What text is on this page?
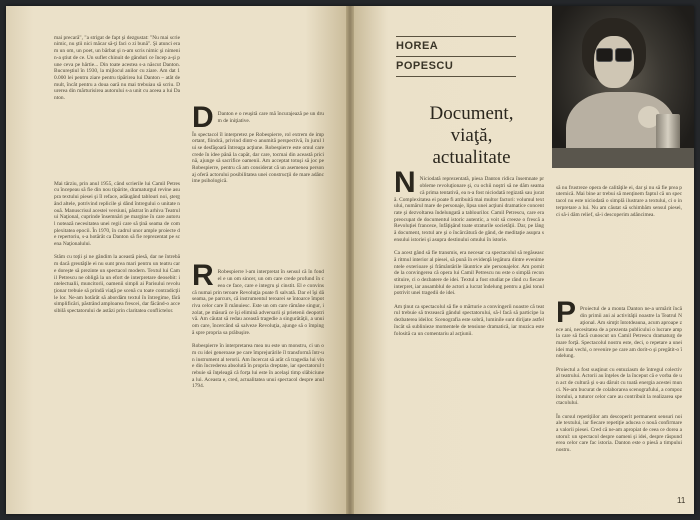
mai precară", "a strigat de fapt şi dezgustat: "Nu mai scrie nimic, nu ştii nici măcar să-ţi faci o zi bună". Şi atunci eram un om, un poet, un bărbat şi n-am scris nimic şi nimeni n-a ştiut de ce. Un suflet chinuit de gânduri ce încep a-şi pune ceva pe hârtie... Din toate acestea s-a născut Danton. Bucureştiul în 1930, la mijlocul anilor cu ziare. Am dat 10.000 lei pentru ziare pentru tipărirea lui Danton – atât de mult, încât pentru a doua oară nu mai trebuiau să scriu. Durerea din mărturisirea autorului s-a unit cu aceea a lui Danton.

Mai târziu, prin anul 1955, când scrierile lui Camil Petrescu începeau să fie din nou tipărite, dramaturgul revine asupra textului piesei şi îl reface, adăugând tablouri noi, ştergând altele, potrivind replicile şi dând întregului o unitate nouă. Manuscrisul acestei versiuni, păstrat în arhiva Teatrului Naţional, cuprinde însemnări pe margine în care autorul notează necesitatea unei regii care să ţină seama de complexitatea epocii. În 1970, în cadrul unor ample proiecte de repertoriu, s-a hotărât ca Danton să fie reprezentat pe scena Naţionalului.

Stăm cu toţii şi ne gândim la această piesă, dar ne întrebăm dacă greutăţile ei nu sunt prea mari pentru un teatru care doreşte să prezinte un spectacol modern. Textul lui Camil Petrescu ne obligă la un efort de interpretare deosebit: intelectualii, muncitorii, oamenii simpli ai Parisului revoluţionar trebuie să prindă viaţă pe scenă cu toate contradicţiile lor. Ne-am hotărât să abordăm textul în întregime, fără simplificări, păstrând amploarea frescei, dar făcând-o accesibilă spectatorului de astăzi prin claritatea conflictelor.

D Danton e o reuşită care mă încurajează pe un drum de iniţiative.

În spectacol îl interpretez pe Robespierre, rol extrem de important, fiindcă, privind dintr-o anumită perspectivă, în jurul lui se desfăşoară întreaga acţiune. Robespierre este omul care crede în idee până la capăt, dar care, tocmai din această pricină, ajunge să sacrifice oamenii. Am acceptat totuşi să joc pe Robespierre, pentru că am considerat că un asemenea personaj oferă actorului posibilitatea unei construcţii de mare adâncime psihologică.

R Robespierre l-am interpretat în sensul că în fond el e un om sincer, un om care crede profund în ceea ce face, care e integru şi cinstit. El e convins că numai prin teroare Revoluţia poate fi salvată. Dar el îşi dă seama, pe parcurs, că instrumentul teroarei se întoarce împotriva celor care îl mânuiesc. Este un om care rămâne singur, izolat, pe măsură ce îşi elimină adversarii şi prietenii deopotrivă. Am căutat să redau această tragedie a singurătăţii, a unui om care, încercând să salveze Revoluţia, ajunge să o împingă spre propria sa prăbuşire.

Robespierre în interpretarea mea nu este un monstru, ci un om cu idei generoase pe care împrejurările îl transformă într-un instrument al terorii. Am încercat să arăt că tragedia lui vine din încrederea absolută în propria dreptate, iar spectatorul trebuie să înţeleagă că forţa lui este în acelaşi timp slăbiciunea lui. Aceasta e, cred, actualitatea unui spectacol despre anul 1794.

HOREA
POPESCU
Document,
viaţă,
actualitate

N Niciodată reprezentată, piesa Danton ridica însemnate probleme revoluţionare şi, cu ochii noştri să ne dăm seama că prima tentativă, ea n-a fost niciodată regizată sau jucată. Complexitatea ei poate fi atribuită mai multor factori: volumul textului, numărul mare de personaje, lipsa unei acţiuni dramatice concentrate şi dezvoltarea îndelungată a tablourilor. Camil Petrescu, care era preocupat de documentul istoric autentic, a voit să creeze o frescă a Revoluţiei franceze, înfăţişând toate straturile societăţii. Dar, pe lângă document, textul are şi o încărcătură de gând, de meditaţie asupra sensului istoriei şi asupra destinului omului în istorie.

Ca acest gând să fie transmis, era necesar ca spectacolul să regăsească ritmul interior al piesei, să pună în evidenţă legătura dintre evenimentele exterioare şi frământările lăuntrice ale personajelor. Am pornit de la convingerea că opera lui Camil Petrescu nu este o simplă reconstituire, ci o dezbatere de idei. Textul a fost studiat pe rând cu fiecare interpret, iar ansamblul de actori a lucrat îndelung pentru a găsi tonul potrivit unei tragedii de idei.

Am ţinut ca spectacolul să fie o mărturie a convingerii noastre că teatrul trebuie să trezească gândul spectatorului, să-l facă să participe la dezbaterea ideilor. Scenografia este sobră, luminile sunt dirijate astfel încât să sublinieze momentele de tensiune dramatică, iar muzica este folosită ca un comentariu al acţiunii.

să nu frustreze opera de calităţile ei, dar şi nu să fie prea puternică. Mai bine ar trebui să menţinem faptul că un spectacol nu este niciodată o simplă ilustrare a textului, ci o interpretare a lui. Nu am căutat să schimbăm sensul piesei, ci să-i dăm relief, să-i descoperim adâncimea.

P Proiectul de a monta Danton ne-a urmărit încă din primii ani ai activităţii noastre la Teatrul Naţional. Am simţit întotdeauna, acum aproape zece ani, necesitatea de a prezenta publicului o lucrare ampla care să facă cunoscut un Camil Petrescu dramaturg de mare forţă. Spectacolul nostru este, deci, o repetare a unei idei mai vechi, o revenire pe care am dorit-o şi pregătit-o îndelung.

Proiectul a fost susţinut cu entuziasm de întregul colectiv al teatrului. Actorii au înţeles de la început că e vorba de un act de cultură şi s-au dăruit cu toată energia acestei munci. Ne-am bucurat de colaborarea scenografului, a compozitorului, a tuturor celor care au contribuit la realizarea spectacolului.

În cursul repetiţiilor am descoperit permanent sensuri noi ale textului, iar fiecare repetiţie aducea o nouă confirmare a valorii piesei. Cred că ne-am apropiat de ceea ce dorea autorul: un spectacol despre oameni şi idei, despre răspunderea celor care fac istoria. Danton este o piesă a timpului nostru.

11
